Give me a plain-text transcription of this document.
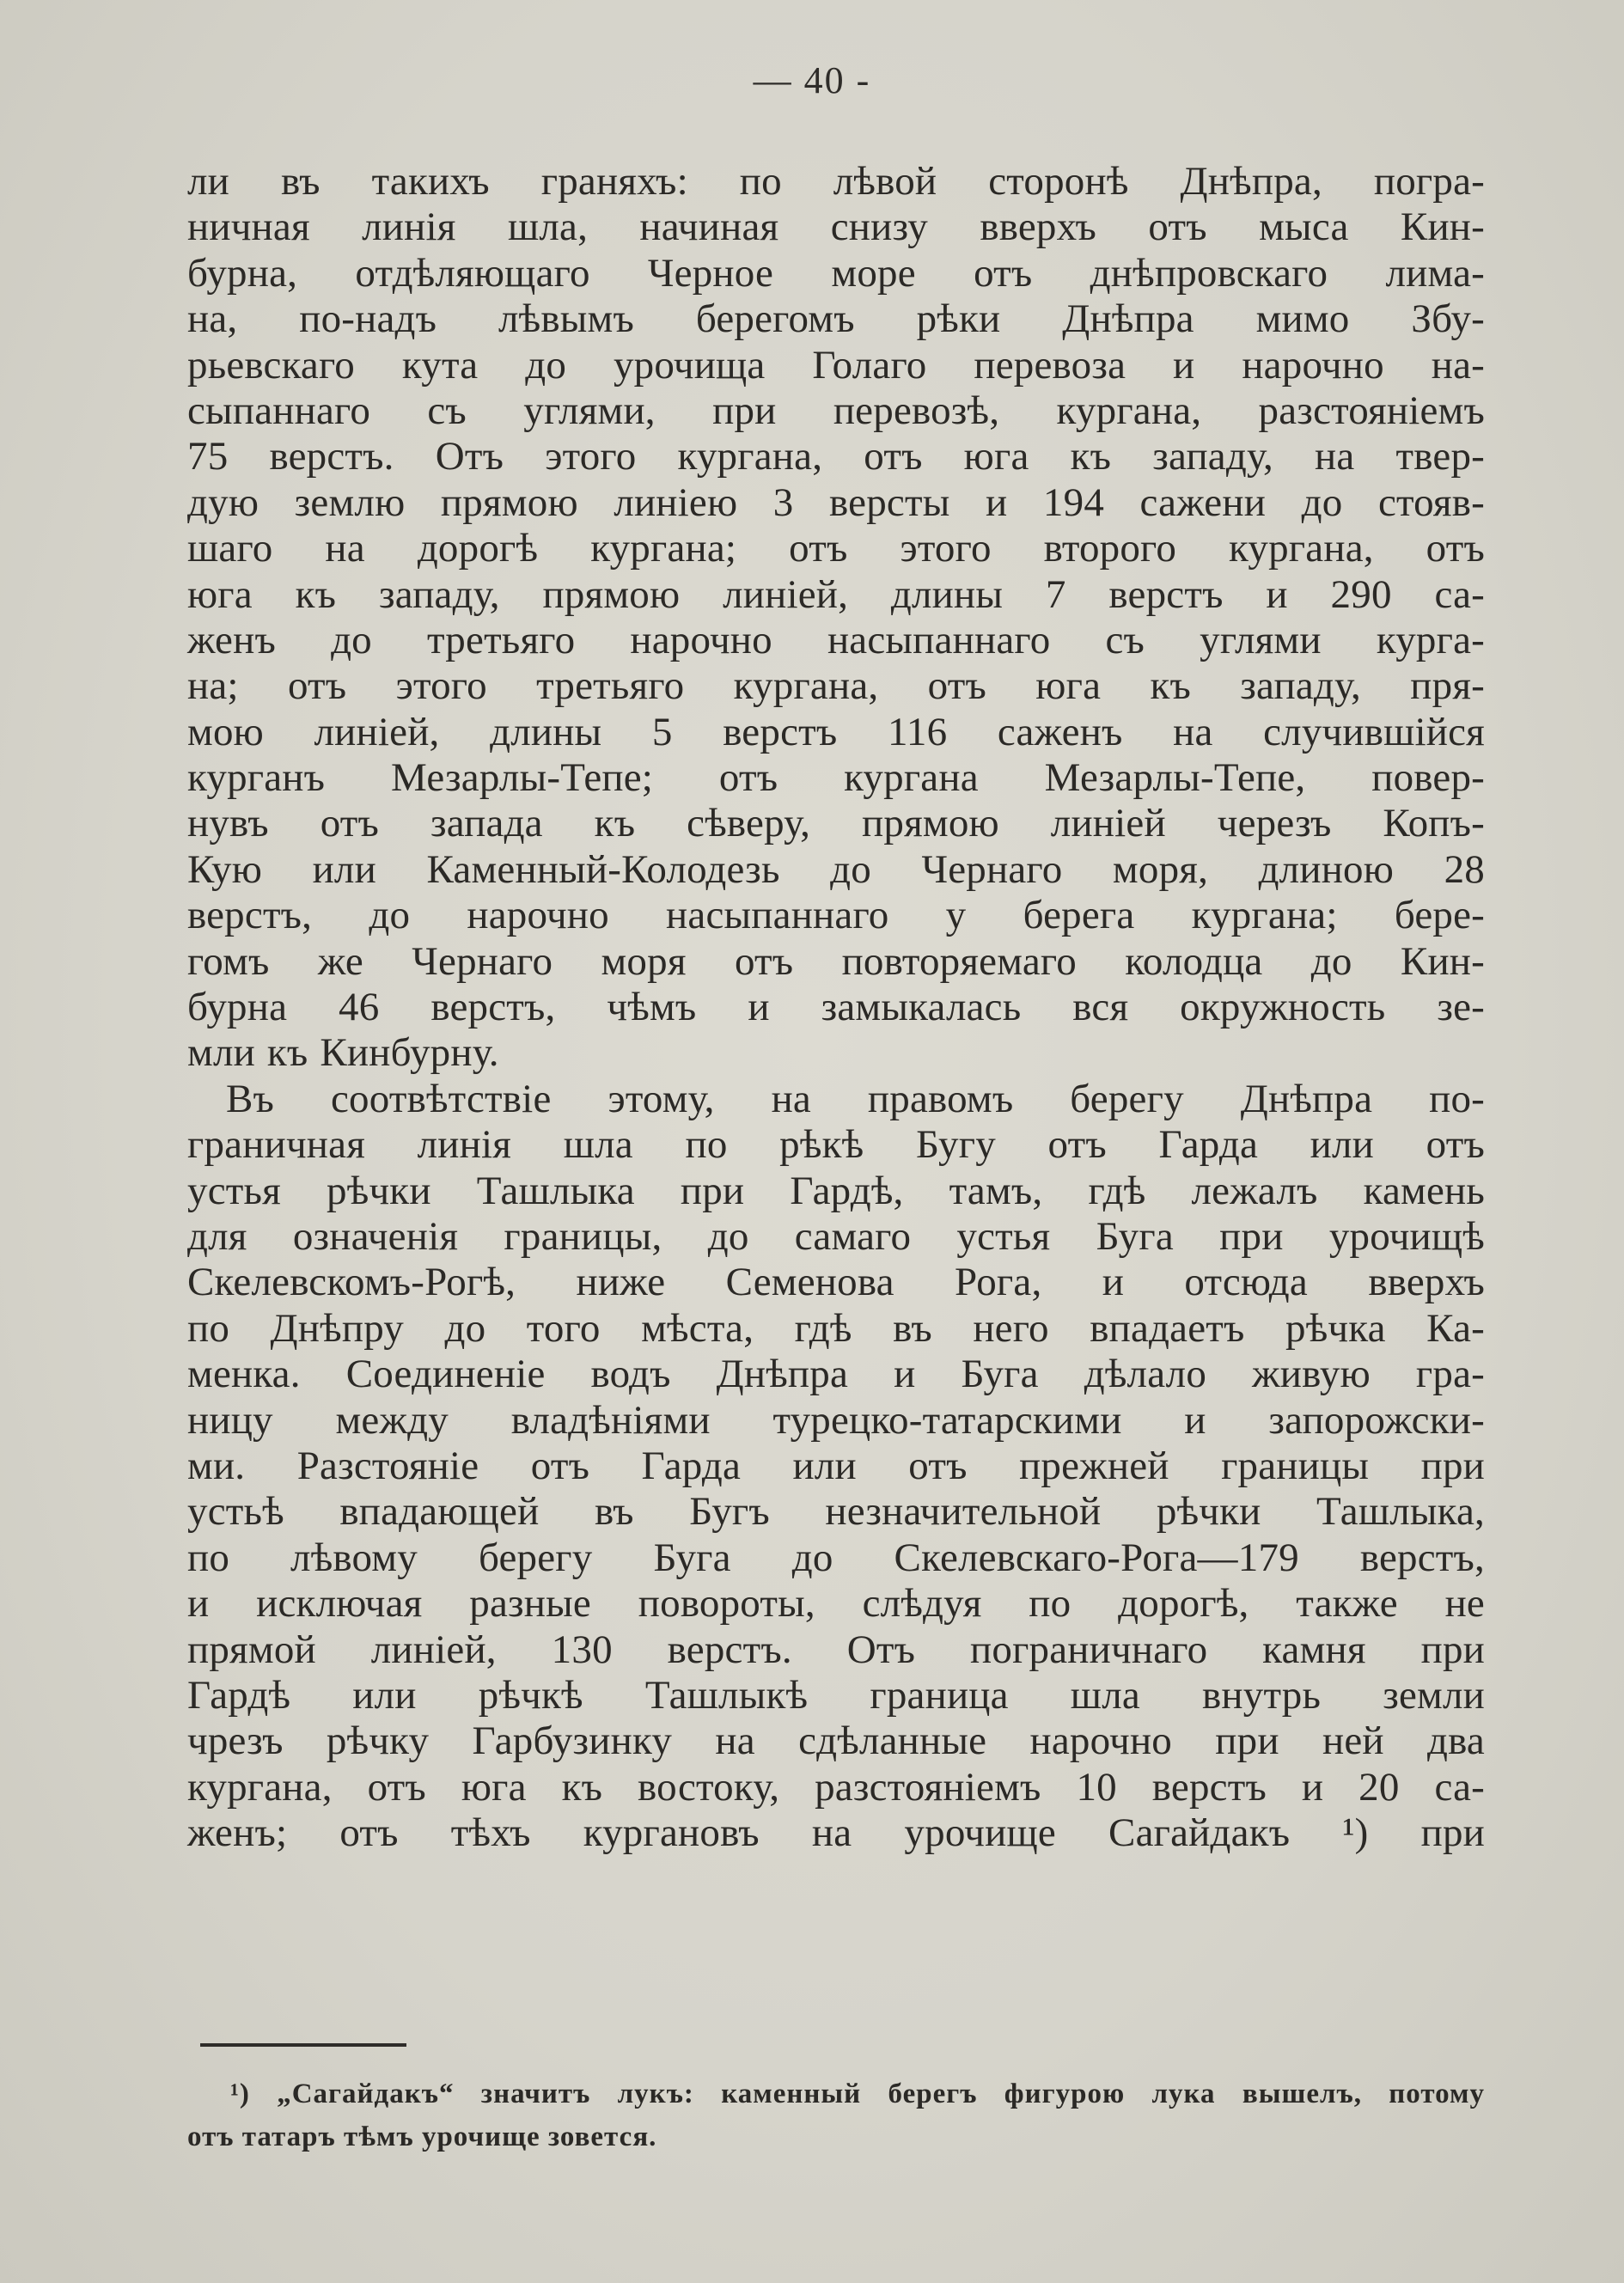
— 40 -
ли въ такихъ граняхъ: по лѣвой сторонѣ Днѣпра, погра-
ничная линія шла, начиная снизу вверхъ отъ мыса Кин-
бурна, отдѣляющаго Черное море отъ днѣпровскаго лима-
на, по-надъ лѣвымъ берегомъ рѣки Днѣпра мимо Збу-
рьевскаго кута до урочища Голаго перевоза и нарочно на-
сыпаннаго съ углями, при перевозѣ, кургана, разстояніемъ
75 верстъ. Отъ этого кургана, отъ юга къ западу, на твер-
дую землю прямою линіею 3 версты и 194 сажени до стояв-
шаго на дорогѣ кургана; отъ этого второго кургана, отъ
юга къ западу, прямою линіей, длины 7 верстъ и 290 са-
женъ до третьяго нарочно насыпаннаго съ углями курга-
на; отъ этого третьяго кургана, отъ юга къ западу, пря-
мою линіей, длины 5 верстъ 116 саженъ на случившійся
курганъ Мезарлы-Тепе; отъ кургана Мезарлы-Тепе, повер-
нувъ отъ запада къ сѣверу, прямою линіей черезъ Копъ-
Кую или Каменный-Колодезь до Чернаго моря, длиною 28
верстъ, до нарочно насыпаннаго у берега кургана; бере-
гомъ же Чернаго моря отъ повторяемаго колодца до Кин-
бурна 46 верстъ, чѣмъ и замыкалась вся окружность зе-
мли къ Кинбурну.
Въ соотвѣтствіе этому, на правомъ берегу Днѣпра по-
граничная линія шла по рѣкѣ Бугу отъ Гарда или отъ
устья рѣчки Ташлыка при Гардѣ, тамъ, гдѣ лежалъ камень
для означенія границы, до самаго устья Буга при урочищѣ
Скелевскомъ-Рогѣ, ниже Семенова Рога, и отсюда вверхъ
по Днѣпру до того мѣста, гдѣ въ него впадаетъ рѣчка Ка-
менка. Соединеніе водъ Днѣпра и Буга дѣлало живую гра-
ницу между владѣніями турецко-татарскими и запорожски-
ми. Разстояніе отъ Гарда или отъ прежней границы при
устьѣ впадающей въ Бугъ незначительной рѣчки Ташлыка,
по лѣвому берегу Буга до Скелевскаго-Рога—179 верстъ,
и исключая разные повороты, слѣдуя по дорогѣ, также не
прямой линіей, 130 верстъ. Отъ пограничнаго камня при
Гардѣ или рѣчкѣ Ташлыкѣ граница шла внутрь земли
чрезъ рѣчку Гарбузинку на сдѣланные нарочно при ней два
кургана, отъ юга къ востоку, разстояніемъ 10 верстъ и 20 са-
женъ; отъ тѣхъ кургановъ на урочище Сагайдакъ ¹) при
¹) „Сагайдакъ“ значитъ лукъ: каменный берегъ фигурою лука вышелъ, потому
отъ татаръ тѣмъ урочище зовется.
